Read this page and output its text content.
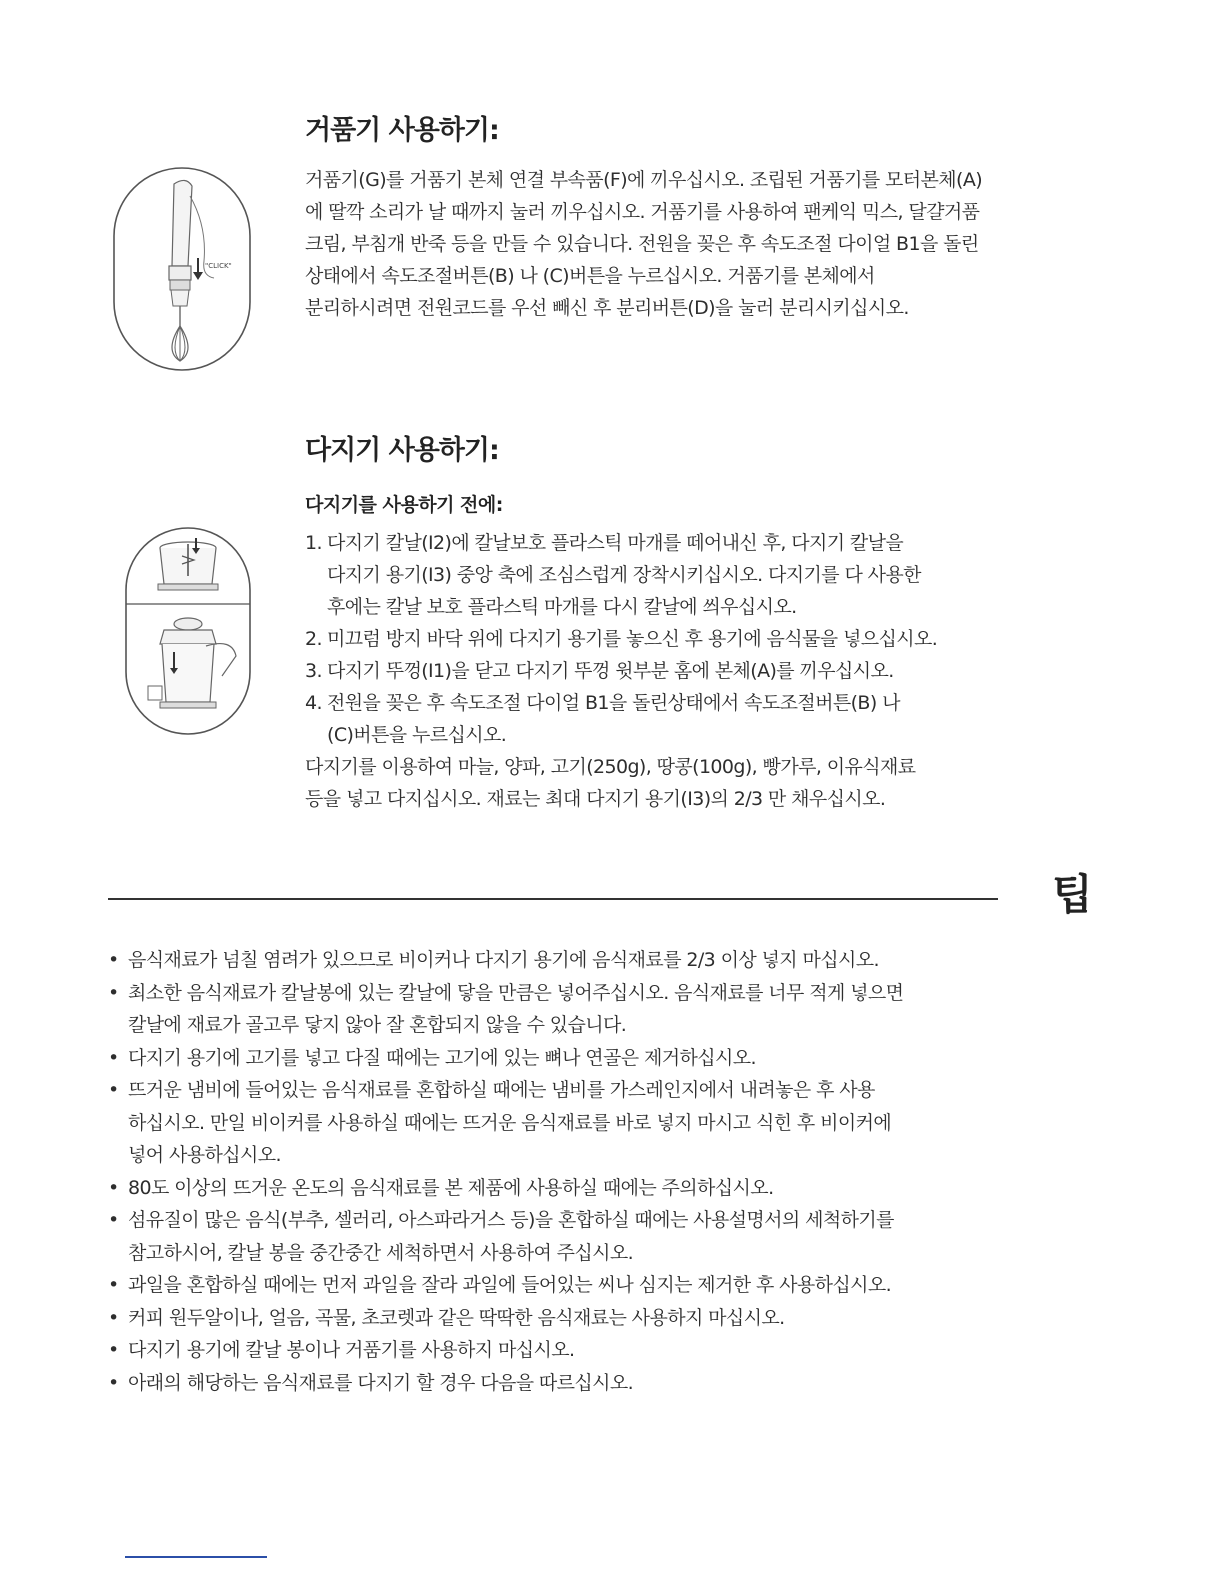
"CLICK"
거품기 사용하기:

거품기(G)를 거품기 본체 연결 부속품(F)에 끼우십시오. 조립된 거품기를 모터본체(A)

에 딸깍 소리가 날 때까지 눌러 끼우십시오. 거품기를 사용하여 팬케익 믹스, 달걀거품

크림, 부침개 반죽 등을 만들 수 있습니다. 전원을 꽂은 후 속도조절 다이얼 B1을 돌린

상태에서 속도조절버튼(B) 나 (C)버튼을 누르십시오. 거품기를 본체에서

분리하시려면 전원코드를 우선 빼신 후 분리버튼(D)을 눌러 분리시키십시오.

다지기 사용하기:
다지기를 사용하기 전에:
1. 다지기 칼날(I2)에 칼날보호 플라스틱 마개를 떼어내신 후, 다지기 칼날을

다지기 용기(I3) 중앙 축에 조심스럽게 장착시키십시오. 다지기를 다 사용한

후에는 칼날 보호 플라스틱 마개를 다시 칼날에 씌우십시오.

2. 미끄럼 방지 바닥 위에 다지기 용기를 놓으신 후 용기에 음식물을 넣으십시오.

3. 다지기 뚜껑(I1)을 닫고 다지기 뚜껑 윗부분 홈에 본체(A)를 끼우십시오.

4. 전원을 꽂은 후 속도조절 다이얼 B1을 돌린상태에서 속도조절버튼(B) 나

(C)버튼을 누르십시오.

다지기를 이용하여 마늘, 양파, 고기(250g), 땅콩(100g), 빵가루, 이유식재료

등을 넣고 다지십시오. 재료는 최대 다지기 용기(I3)의 2/3 만 채우십시오.

팁
• 음식재료가 넘칠 염려가 있으므로 비이커나 다지기 용기에 음식재료를 2/3 이상 넣지 마십시오.
• 최소한 음식재료가 칼날봉에 있는 칼날에 닿을 만큼은 넣어주십시오. 음식재료를 너무 적게 넣으면
칼날에 재료가 골고루 닿지 않아 잘 혼합되지 않을 수 있습니다.
• 다지기 용기에 고기를 넣고 다질 때에는 고기에 있는 뼈나 연골은 제거하십시오.
• 뜨거운 냄비에 들어있는 음식재료를 혼합하실 때에는 냄비를 가스레인지에서 내려놓은 후 사용
하십시오. 만일 비이커를 사용하실 때에는 뜨거운 음식재료를 바로 넣지 마시고 식힌 후 비이커에
넣어 사용하십시오.
• 80도 이상의 뜨거운 온도의 음식재료를 본 제품에 사용하실 때에는 주의하십시오.
• 섬유질이 많은 음식(부추, 셀러리, 아스파라거스 등)을 혼합하실 때에는 사용설명서의 세척하기를
참고하시어, 칼날 봉을 중간중간 세척하면서 사용하여 주십시오.
• 과일을 혼합하실 때에는 먼저 과일을 잘라 과일에 들어있는 씨나 심지는 제거한 후 사용하십시오.
• 커피 원두알이나, 얼음, 곡물, 초코렛과 같은 딱딱한 음식재료는 사용하지 마십시오.
• 다지기 용기에 칼날 봉이나 거품기를 사용하지 마십시오.
• 아래의 해당하는 음식재료를 다지기 할 경우 다음을 따르십시오.
